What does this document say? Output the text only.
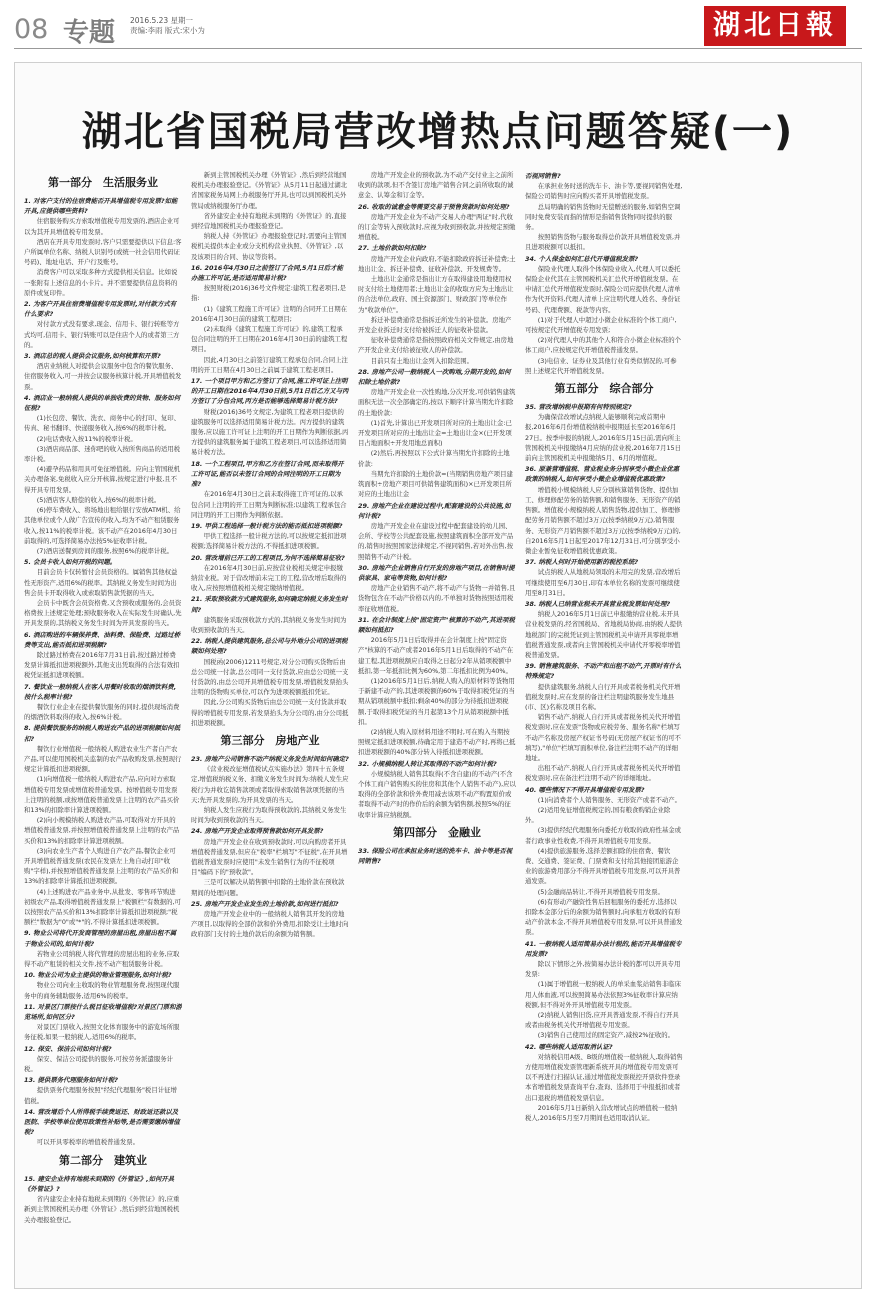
08 专题 2016.5.23 星期一
责编:李雨 版式:宋小为	湖北日報
湖北省国税局营改增热点问题答疑(一)
第一部分　生活服务业
1. 对客户支付的住宿费能否开具增值税专用发票?如能开具,应提供哪些资料?
住宿服务购买方索取增值税专用发票的,酒店企业可以为其开具增值税专用发票。
酒店在开具专用发票时,客户只需要提供以下信息:客户所属单位名称、纳税人识别号(或统一社会信用代码证号码)、地址电话、开户行及账号。
消费客户可以采取多种方式提供相关信息。比如说一张附有上述信息的小卡片。并不需要提供信息资料的原件或复印件。
2. 为客户开具住宿费增值税专用发票时,对付款方式有什么要求?
对付款方式没有要求,现金、信用卡、银行转账等方式均可,信用卡、银行转账可以是住店个人的或者第三方的。
3. 酒店总的税人提供会议服务,如何核算和开票?
酒店业纳税人对提供会议服务中包含的餐饮服务、住宿服务收入,可一并按会议服务核算计税,开具增值税发票。
4. 酒店业一般纳税人提供的单独收费的货物、服务如何征税?
(1)长包房、餐饮、洗衣、商务中心的打印、复印、传真、秘书翻译、快递服务收入,按6%的税率计税。
(2)电话费收入按11%的税率计税。
(3)酒店商品部、迷你吧的收入按所售商品的适用税率计税。
(4)避孕药品和用具可免征增值税。应向主管国税机关办理备案,免税收入应分开核算,按规定进行申报,且不得开具专用发票。
(5)酒店客人赔偿的收入,按6%的税率计税。
(6)停车费收入、将场地出租给银行安放ATM机、给其他单位或个人做广告宣传的收入,均为不动产租赁服务收入,按11%的税率计税。该不动产在2016年4月30日前取得的,可选择简易办法按5%征收率计税。
(7)酒店送餐到房间的服务,按照6%的税率计税。
5. 会员卡收入如何开税的问题。
目前会员卡仅转暂付会员资格的。属销售其他权益性无形资产,适用6%的税率。其纳税义务发生时间为出售会员卡开取得收入或索取销售款凭据的当天。
会员卡中既含会员资格费,又含预收或服务的,会员资格费按上述规定处理;预收服务收入在实际发生时确认,先开具发票的,其纳税义务发生时间为开具发票的当天。
6. 酒店购进的车辆保养费、油料费、保险费、过路过桥费等支出,能否抵扣进项税额?
除过路过桥费在2016年7月31日前,按过路过桥费发票计算抵扣进项税额外,其他支出凭取得的合法有效扣税凭证抵扣进项税额。
7. 餐饮业一般纳税人在客人用餐时收取的烟酒饮料费,按什么税率计税?
餐饮行业企业在提供餐饮服务的同时,提供现场消费的烟酒饮料取得的收入,按6%计税。
8. 提供餐饮服务的纳税人购进农产品的进项税额如何抵扣?
餐饮行业增值税一般纳税人购进农业生产者自产农产品,可以使用国税机关监制的农产品收购发票,按照现行规定计算抵扣进项税额。
(1)向增值税一般纳税人购进农产品,应向对方索取增值税专用发票或增值税普通发票。按增值税专用发票上注明的税额,或按增值税普通发票上注明的农产品买价和13%的扣除率计算进项税额。
(2)向小规模纳税人购进农产品,可取得对方开具的增值税普通发票,并按照增值税普通发票上注明的农产品买价和13%的扣除率计算进项税额。
(3)向农业生产者个人购进自产农产品,餐饮企业可开具增值税普通发票(农民在发票左上角自动打印"收购"字样),并按照增值税普通发票上注明的农产品买价和13%的扣除率计算抵扣进项税额。
(4)上述购进农产品业务中,从批发、零售环节购进初级农产品,取得增值税普通发票上"税额栏"有数据的,可以按照农产品买价和13%扣除率计算抵扣进项税额;"税额栏"数据为"0"或"*"的,不得计算抵扣进项税额。
9. 物业公司将代开发商管理的房屋出租,房屋出租不属于物业公司的,如何计税?
若物业公司纳税人将代管理的房屋出租的业务,应取得不动产租赁的相关文件,按不动产租赁服务计税。
10. 物业公司为业主提供的物业管理服务,如何计税?
物业公司向业主收取的物业管理服务费,按照现代服务中的商务辅助服务,适用6%的税率。
11. 对景区门票按什么税目征收增值税?对景区门票和游览场所,如何区分?
对景区门票收入,按照文化体育服务中的游览场所服务征税,如果一般纳税人,适用6%的税率。
12. 保安、保洁公司如何计税?
保安、保洁公司提供的服务,可按劳务派遣服务计税。
13. 提供票务代理服务如何计税?
提供票务代理服务按照"经纪代理服务"税目计征增值税。
14. 营改增后个人所得税手续费返还、财政返还款以及医院、学校等单位使用政策性补贴等,是否需要缴纳增值税?
可以开具零税率的增值税普通发票。
第二部分　建筑业
15. 建安企业持有地税未到期的《外管证》,如何开具《外管证》?
省内建安企业持有地税未到期的《外管证》的,应重新到主管国税机关办理《外管证》,然后到经营地国税机关办理报验登记。
新到主管国税机关办理《外管证》,然后到经营地国税机关办理报验登记。《外管证》从5月11日起通过湖北省国家税务局网上办税服务厅开具,也可以到国税机关外管局或纳税服务厅办理。
省外建安企业持有地税未到期的《外管证》的,直接到经营地国税机关办理报验登记。
纳税人持《外管证》办理报验登记时,需要向主管国税机关提供本企业或分支机构营业执照、《外管证》,以及该项目的合同、协议等资料。
16. 2016年4月30日之前签订了合同,5月1日后才能办施工许可证,是否适用简易计税?
按照财税(2016)36号文件规定:建筑工程老项目,是指:
(1)《建筑工程施工许可证》注明的合同开工日期在2016年4月30日前的建筑工程项目;
(2)未取得《建筑工程施工许可证》的,建筑工程承包合同注明的开工日期在2016年4月30日前的建筑工程项目。
因此,4月30日之前签订建筑工程承包合同,合同上注明的开工日期在4月30日之前属于建筑工程老项目。
17. 一个项目甲方和乙方签订了合同,施工许可证上注明的开工日期在2016年4月30日前,5月1日后乙方又与丙方签订了分包合同,丙方是否能够选择简易计税方法?
财税(2016)36号文规定,为建筑工程老项目提供的建筑服务可以选择适用简易计税方法。丙方提供的建筑服务,应以施工许可证上注明的开工日期作为判断依据,丙方提供的建筑服务属于建筑工程老项目,可以选择适用简易计税方法。
18. 一个工程项目,甲方和乙方在签订合同,而未取得开工许可证,能否以未签订合同的合同注明的开工日期为准?
在2016年4月30日之前未取得施工许可证的,以承包合同上注明的开工日期为判断标准;以建筑工程承包合同注明的开工日期作为判断依据。
19. 甲供工程选择一般计税方法的能否抵扣进项税额?
甲供工程选择一般计税方法的,可以按规定抵扣进项税额;选择简易计税方法的,不得抵扣进项税额。
20. 营改增前已开工的工程项目,为何不选择简易征收?
在2016年4月30日前,应按营业税相关规定申报缴纳营业税。对于营改增前未完工的工程,营改增后取得的收入,应按照增值税相关规定缴纳增值税。
21. 采取预收款方式建筑服务,如何确定纳税义务发生时间?
建筑服务采取预收款方式的,其纳税义务发生时间为收到预收款的当天。
22. 纳税人提供建筑服务,总公司与外地分公司的进项税额如何处理?
国税函(2006)1211号规定,对分公司购买货物后由总公司统一付款,总公司同一支付货款,应由总公司统一支付货款的,由总公司开具增值税专用发票,增值税发票抬头注明的货物购买单位,可以作为进项税额抵扣凭证。
因此,分公司购买货物后由总公司统一支付货款并取得的增值税专用发票,若发票抬头为分公司的,由分公司抵扣进项税额。
第三部分　房地产业
23. 房地产公司销售不动产纳税义务发生时间如何确定?
《营业税改征增值税试点实施办法》第四十五条规定,增值税纳税义务、扣缴义务发生时间为:纳税人发生应税行为并收讫销售款项或者取得索取销售款项凭据的当天;先开具发票的,为开具发票的当天。
纳税人发生应税行为取得预收款的,其纳税义务发生时间为收到预收款的当天。
24. 房地产开发企业取得预售款如何开具发票?
房地产开发企业在收到预收款时,可以向购房者开具增值税普通发票,但应在"税率"栏填写"不征税",在开具增值税普通发票时应使用"未发生销售行为的不征税项目"编码下的"预收款"。
三是可以解决从销售额中扣除的土地价款在预收款期间的处理问题。
25. 房地产开发企业发生的土地价款,如何进行抵扣?
房地产开发企业中的一般纳税人销售其开发的房地产项目,以取得的全部价款和价外费用,扣除受让土地时向政府部门支付的土地价款后的余额为销售额。
房地产开发企业的预收款,为不动产交付业主之前所收到的款项,但不含签订房地产销售合同之前所收取的诚意金、认筹金和订金等。
26. 收取的诚意金等需要交易于预售货款时如何处理?
房地产开发企业为不动产交易人办理"两证"时,代收的订金等转入预收款时,应视为收到预收款,并按规定预缴增值税。
27. 土地价款如何扣除?
房地产开发企业向政府,不能扣除政府拆迁补偿费;土地出让金、拆迁补偿费、征收补偿款、开发规费等。
土地出让金通常是指出让方在取得建设用地使用权时支付给土地使用者;土地出让金的收取方应为土地出让的合法单位,政府、国土资源部门、财政部门等单位作为"收款单位"。
拆迁补偿费通常是指拆迁所发生的补偿款。房地产开发企业拆迁时支付给被拆迁人的征收补偿款。
征收补偿费通常是指按照政府相关文件规定,由房地产开发企业支付给被征收人的补偿款。
目前只有土地出让金列入扣除范围。
28. 房地产公司一般纳税人一次购地,分期开发的,如何扣除土地价款?
房地产开发企业一次性购地,分次开发,可供销售建筑面积无法一次全部确定的,按以下顺序计算当期允许扣除的土地价款:
(1)首先,计算出已开发项目所对应的土地出让金:已开发项目所对应的土地出让金=土地出让金×(已开发项目占地面积÷开发用地总面积)
(2)然后,再按照以下公式计算当期允许扣除的土地价款:
当期允许扣除的土地价款=(当期销售房地产项目建筑面积÷房地产项目可供销售建筑面积)×已开发项目所对应的土地出让金
29. 房地产企业在建设过程中,配套建设的公共设施,如何计税?
房地产开发企业在建设过程中配套建设的幼儿园、会所、学校等公共配套设施,按照建筑面积全部开发产品的,销售时按照国家法律规定,不视同销售,若对外出售,按照销售不动产计税。
30. 房地产企业销售自行开发的房地产项目,在销售时提供家具、家电等货物,如何计税?
房地产企业销售不动产,将不动产与货物一并销售,且货物包含在不动产价格以内的,不单独对货物按照适用税率征收增值税。
31. 在会计制度上按"固定资产"核算的不动产,其进项税额如何抵扣?
2016年5月1日后取得并在会计制度上按"固定资产"核算的不动产或者2016年5月1日后取得的不动产在建工程,其进项税额应自取得之日起分2年从销项税额中抵扣,第一年抵扣比例为60%,第二年抵扣比例为40%。
(1)2016年5月1日后,纳税人购入的原材料等货物用于新建不动产的,其进项税额的60%于取得扣税凭证的当期从销项税额中抵扣;剩余40%的部分为待抵扣进项税额,于取得扣税凭证的当月起第13个月从销项税额中抵扣。
(2)纳税人购入原材料用途不明时,可在购入当期按照规定抵扣进项税额,待确定用于建造不动产时,再将已抵扣进项税额的40%部分转入待抵扣进项税额。
32. 小规模纳税人转让其取得的不动产如何计税?
小规模纳税人销售其取得(不含自建)的不动产(不含个体工商户销售购买的住房和其他个人销售不动产),应以取得的全部价款和价外费用减去该项不动产购置原价或者取得不动产时的作价后的余额为销售额,按照5%的征收率计算应纳税额。
第四部分　金融业
33. 保险公司在承担业务时送的洗车卡、油卡等是否视同销售?
否视同销售?
在承担业务时送的洗车卡、油卡等,要视同销售处理,保险公司销售时应向购买者开具增值税发票。
总局明确的销售货物时无偿赠送的服务,如销售空调同时免费安装而指的情形是指销售货物同时提供的服务。
按照销售货物与服务取得总价款开具增值税发票,并且进项税额可以抵扣。
34. 个人保金如何汇总代开增值税发票?
保险业代理人取得个体保险业收入,代理人可以委托保险企业代其在主管国税机关汇总代开增值税发票。在申请汇总代开增值税发票时,保险公司应提供代理人清单作为代开资料,代理人清单上应注明代理人姓名、身份证号码、代理费额、税款等内容。
(1)对于代理人中超过小微企业标准的个体工商户,可按规定代开增值税专用发票;
(2)对代理人中的其他个人和符合小微企业标准的个体工商户,应按规定代开增值税普通发票。
(3)电信业、证券业及其他行业有类似情况的,可参照上述规定代开增值税发票。
第五部分　综合部分
35. 营改增纳税申报期有何特别规定?
为确保营改增试点纳税人能够顺利完成首期申报,2016年6月份增值税纳税申报期延长至2016年6月27日。按季申报的纳税人,2016年5月15日前,需向所主管国税机关申报缴纳4月应纳的营业税,2016年7月15日前向主管国税机关申报缴纳5月、6月的增值税。
36. 原兼营增值税、营业税业务分别享受小微企业优惠政策的纳税人,如何享受小微企业增值税优惠政策?
增值税小规模纳税人应分别核算销售货物、提供加工、修理修配劳务的销售额,和销售服务、无形资产的销售额。增值税小规模纳税人销售货物,提供加工、修理修配劳务月销售额不超过3万元(按季纳税9万元),销售服务、无形资产月销售额不超过3万元(按季纳税9万元)的,自2016年5月1日起至2017年12月31日,可分别享受小微企业暂免征收增值税优惠政策。
37. 纳税人何时开始使用新的税控系统?
试点纳税人从地税局领取的未用完的发票,营改增后可继续使用至6月30日,印有本单位名称的发票可继续使用至8月31日。
38. 纳税人已纳营业税未开具营业税发票如何处理?
纳税人2016年5月1日前已申报缴纳营业税,未开具营业税发票的,经省国税局、省地税局协商,由纳税人提供地税部门的完税凭证到主管国税机关申请开具零税率增值税普通发票,或者向主管国税机关申请代开零税率增值税普通发票。
39. 销售建筑服务、不动产和出租不动产,开票时有什么特殊规定?
提供建筑服务,纳税人自行开具或者税务机关代开增值税发票时,应在发票的备注栏注明建筑服务发生地县(市、区)名称及项目名称。
销售不动产,纳税人自行开具或者税务机关代开增值税发票时,应在发票"货物或应税劳务、服务名称"栏填写不动产名称及房屋产权证书号码(无房屋产权证书的可不填写),"单位"栏填写面积单位,备注栏注明不动产的详细地址。
出租不动产,纳税人自行开具或者税务机关代开增值税发票时,应在备注栏注明不动产的详细地址。
40. 哪些情况下不得开具增值税专用发票?
(1)向消费者个人销售服务、无形资产或者不动产。
(2)适用免征增值税规定的,国有粮食购销企业除外。
(3)提供经纪代理服务向委托方收取的政府性基金或者行政事业性收费,不得开具增值税专用发票。
(4)提供旅游服务,选择差额扣除的住宿费、餐饮费、交通费、签证费、门票费和支付给其他接团旅游企业的旅游费用部分不得开具增值税专用发票,可以开具普通发票。
(5)金融商品转让,不得开具增值税专用发票。
(6)有形动产融资性售后回租服务的委托方,选择以扣除本金部分后的余额为销售额时,向承租方收取的有形动产价款本金,不得开具增值税专用发票,可以开具普通发票。
41. 一般纳税人适用简易办法计税的,能否开具增值税专用发票?
除以下情形之外,按简易办法计税的都可以开具专用发票:
(1)属于增值税一般纳税人的单采血浆站销售非临床用人体血液,可以按照简易办法依照3%征收率计算应纳税额,但不得对外开具增值税专用发票。
(2)纳税人销售旧货,应开具普通发票,不得自行开具或者由税务机关代开增值税专用发票。
(3)销售自己使用过的固定资产,减按2%征收的。
42. 哪些纳税人适用取消认证?
对纳税信用A级、B级的增值税一般纳税人,取得销售方使用增值税发票管理新系统开具的增值税专用发票可以不再进行扫描认证,通过增值税发票税控开票软件登录本省增值税发票查询平台,查询、选择用于申报抵扣或者出口退税的增值税发票信息。
2016年5月1日新纳入营改增试点的增值税一般纳税人,2016年5月至7月期间也适用取消认证。
